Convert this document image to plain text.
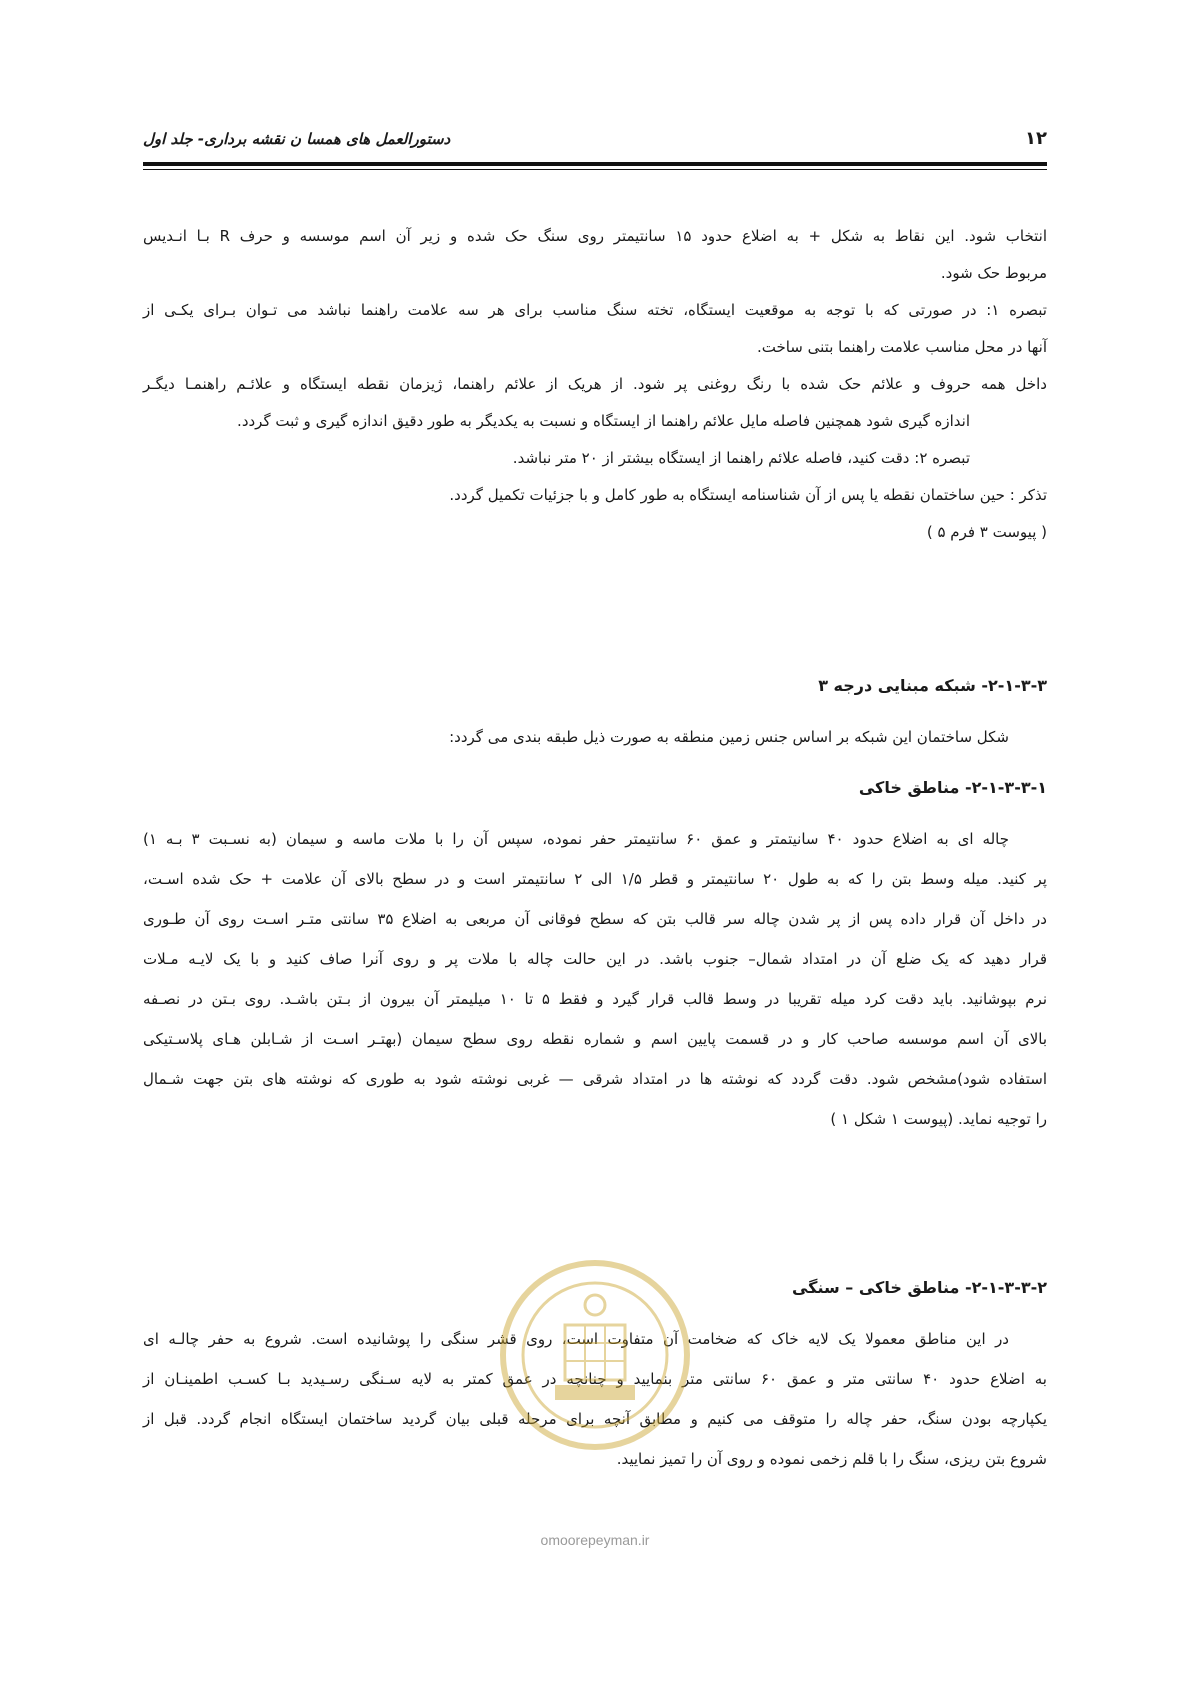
۱۲
دستورالعمل های همسا ن نقشه برداری- جلد اول
انتخاب شود. این نقاط به شکل + به اضلاع حدود ۱۵ سانتیمتر روی سنگ حک شده و زیر آن اسم موسسه و حرف R بـا انـدیس
مربوط حک شود.
تبصره ۱: در صورتی که با توجه به موقعیت ایستگاه، تخته سنگ مناسب برای هر سه علامت راهنما نباشد می تـوان بـرای یکـی از
آنها در محل مناسب علامت راهنما بتنی ساخت.
داخل همه حروف و علائم حک شده با رنگ روغنی پر شود. از هریک از علائم راهنما، ژیزمان نقطه ایستگاه و علائـم راهنمـا دیگـر
اندازه گیری شود همچنین فاصله مایل علائم راهنما از ایستگاه و نسبت به یکدیگر به طور دقیق اندازه گیری و ثبت گردد.
تبصره ۲: دقت کنید، فاصله علائم راهنما از ایستگاه بیشتر از ۲۰ متر نباشد.
تذکر : حین ساختمان نقطه یا پس از آن شناسنامه ایستگاه به طور کامل و با جزئیات تکمیل گردد.
( پیوست ۳ فرم ۵ )
۲-۱-۳-۳- شبکه مبنایی درجه ۳
شکل ساختمان این شبکه بر اساس جنس زمین منطقه به صورت ذیل طبقه بندی می گردد:
۲-۱-۳-۳-۱- مناطق خاکی
چاله ای به اضلاع حدود ۴۰ سانیتمتر و عمق ۶۰ سانتیمتر حفر نموده، سپس آن را با ملات ماسه و سیمان (به نسـبت ۳ بـه ۱)
پر کنید. میله وسط بتن را که به طول ۲۰ سانتیمتر و قطر ۱/۵ الی ۲ سانتیمتر است و در سطح بالای آن علامت + حک شده اسـت،
در داخل آن قرار داده پس از پر شدن چاله سر قالب بتن که سطح فوقانی آن مربعی به اضلاع ۳۵ سانتی متـر اسـت روی آن طـوری
قرار دهید که یک ضلع آن در امتداد شمال– جنوب باشد. در این حالت چاله با ملات پر و روی آنرا صاف کنید و با یک لایـه مـلات
نرم بپوشانید. باید دقت کرد میله تقریبا در وسط قالب قرار گیرد و فقط ۵ تا ۱۰ میلیمتر آن بیرون از بـتن باشـد. روی بـتن در نصـفه
بالای آن اسم موسسه صاحب کار و در قسمت پایین اسم و شماره نقطه روی سطح سیمان (بهتـر اسـت از شـابلن هـای پلاسـتیکی
استفاده شود)مشخص شود. دقت گردد که نوشته ها در امتداد شرقی — غربی نوشته شود به طوری که نوشته های بتن جهت شـمال
را توجیه نماید. (پیوست ۱ شکل ۱ )
۲-۱-۳-۳-۲- مناطق خاکی – سنگی
در این مناطق معمولا یک لایه خاک که ضخامت آن متفاوت است، روی قشر سنگی را پوشانیده است. شروع به حفر چالـه ای
به اضلاع حدود ۴۰ سانتی متر و عمق ۶۰ سانتی متر بنمایید و چنانچه در عمق کمتر به لایه سـنگی رسـیدید بـا کسـب اطمینـان از
یکپارچه بودن سنگ، حفر چاله را متوقف می کنیم و مطابق آنچه برای مرحله قبلی بیان گردید ساختمان ایستگاه انجام گردد. قبل از
شروع بتن ریزی، سنگ را با قلم زخمی نموده و روی آن را تمیز نمایید.
omoorepeyman.ir
